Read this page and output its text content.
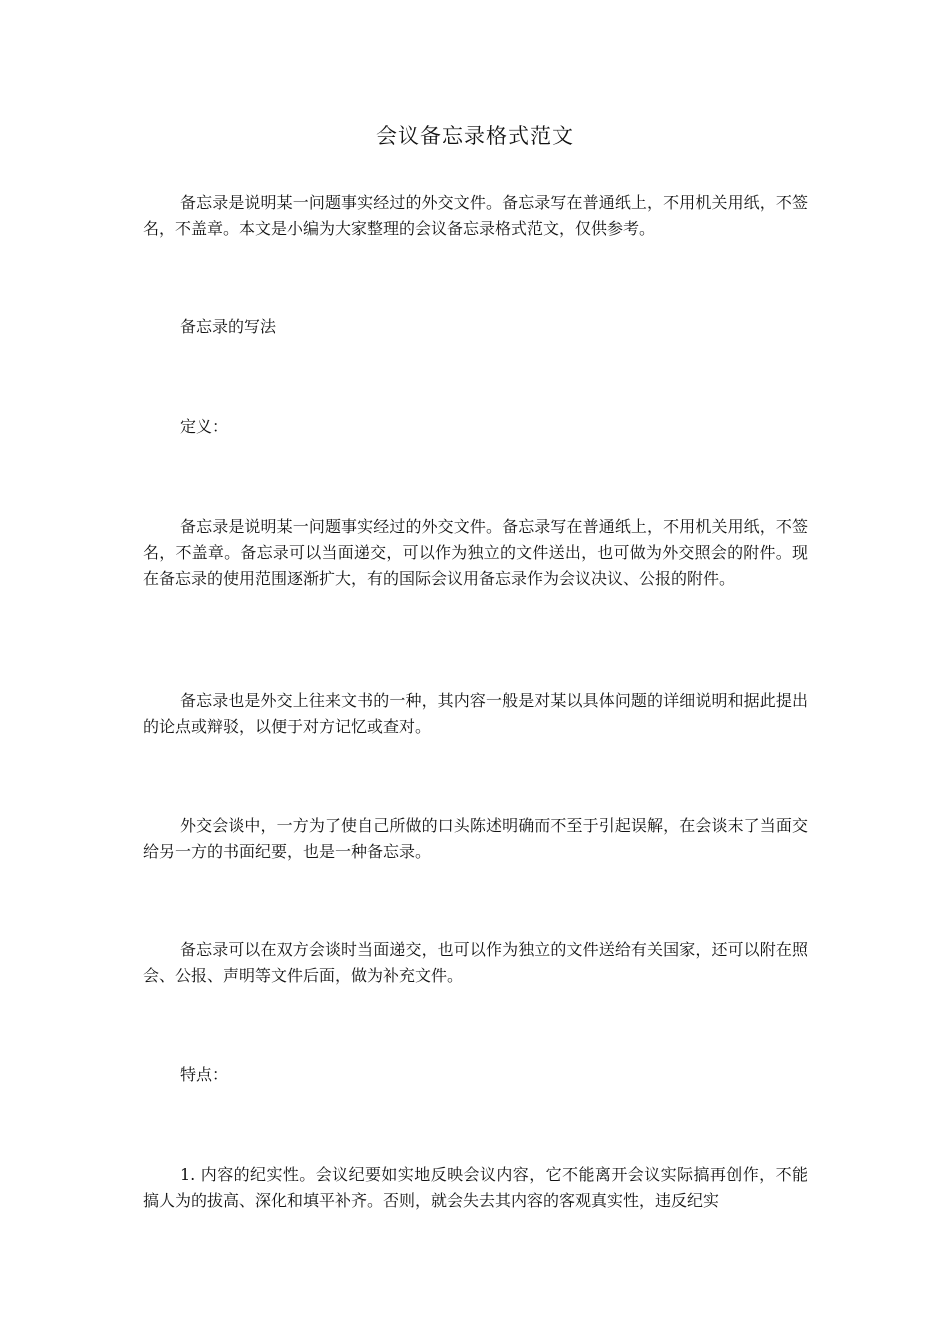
会议备忘录格式范文

备忘录是说明某一问题事实经过的外交文件。备忘录写在普通纸上，不用机关用纸，不签名，不盖章。本文是小编为大家整理的会议备忘录格式范文，仅供参考。

备忘录的写法

定义：

备忘录是说明某一问题事实经过的外交文件。备忘录写在普通纸上，不用机关用纸，不签名，不盖章。备忘录可以当面递交，可以作为独立的文件送出，也可做为外交照会的附件。现在备忘录的使用范围逐渐扩大，有的国际会议用备忘录作为会议决议、公报的附件。

备忘录也是外交上往来文书的一种，其内容一般是对某以具体问题的详细说明和据此提出的论点或辩驳，以便于对方记忆或查对。

外交会谈中，一方为了使自己所做的口头陈述明确而不至于引起误解，在会谈末了当面交给另一方的书面纪要，也是一种备忘录。

备忘录可以在双方会谈时当面递交，也可以作为独立的文件送给有关国家，还可以附在照会、公报、声明等文件后面，做为补充文件。

特点：

1. 内容的纪实性。会议纪要如实地反映会议内容，它不能离开会议实际搞再创作，不能搞人为的拔高、深化和填平补齐。否则，就会失去其内容的客观真实性，违反纪实
